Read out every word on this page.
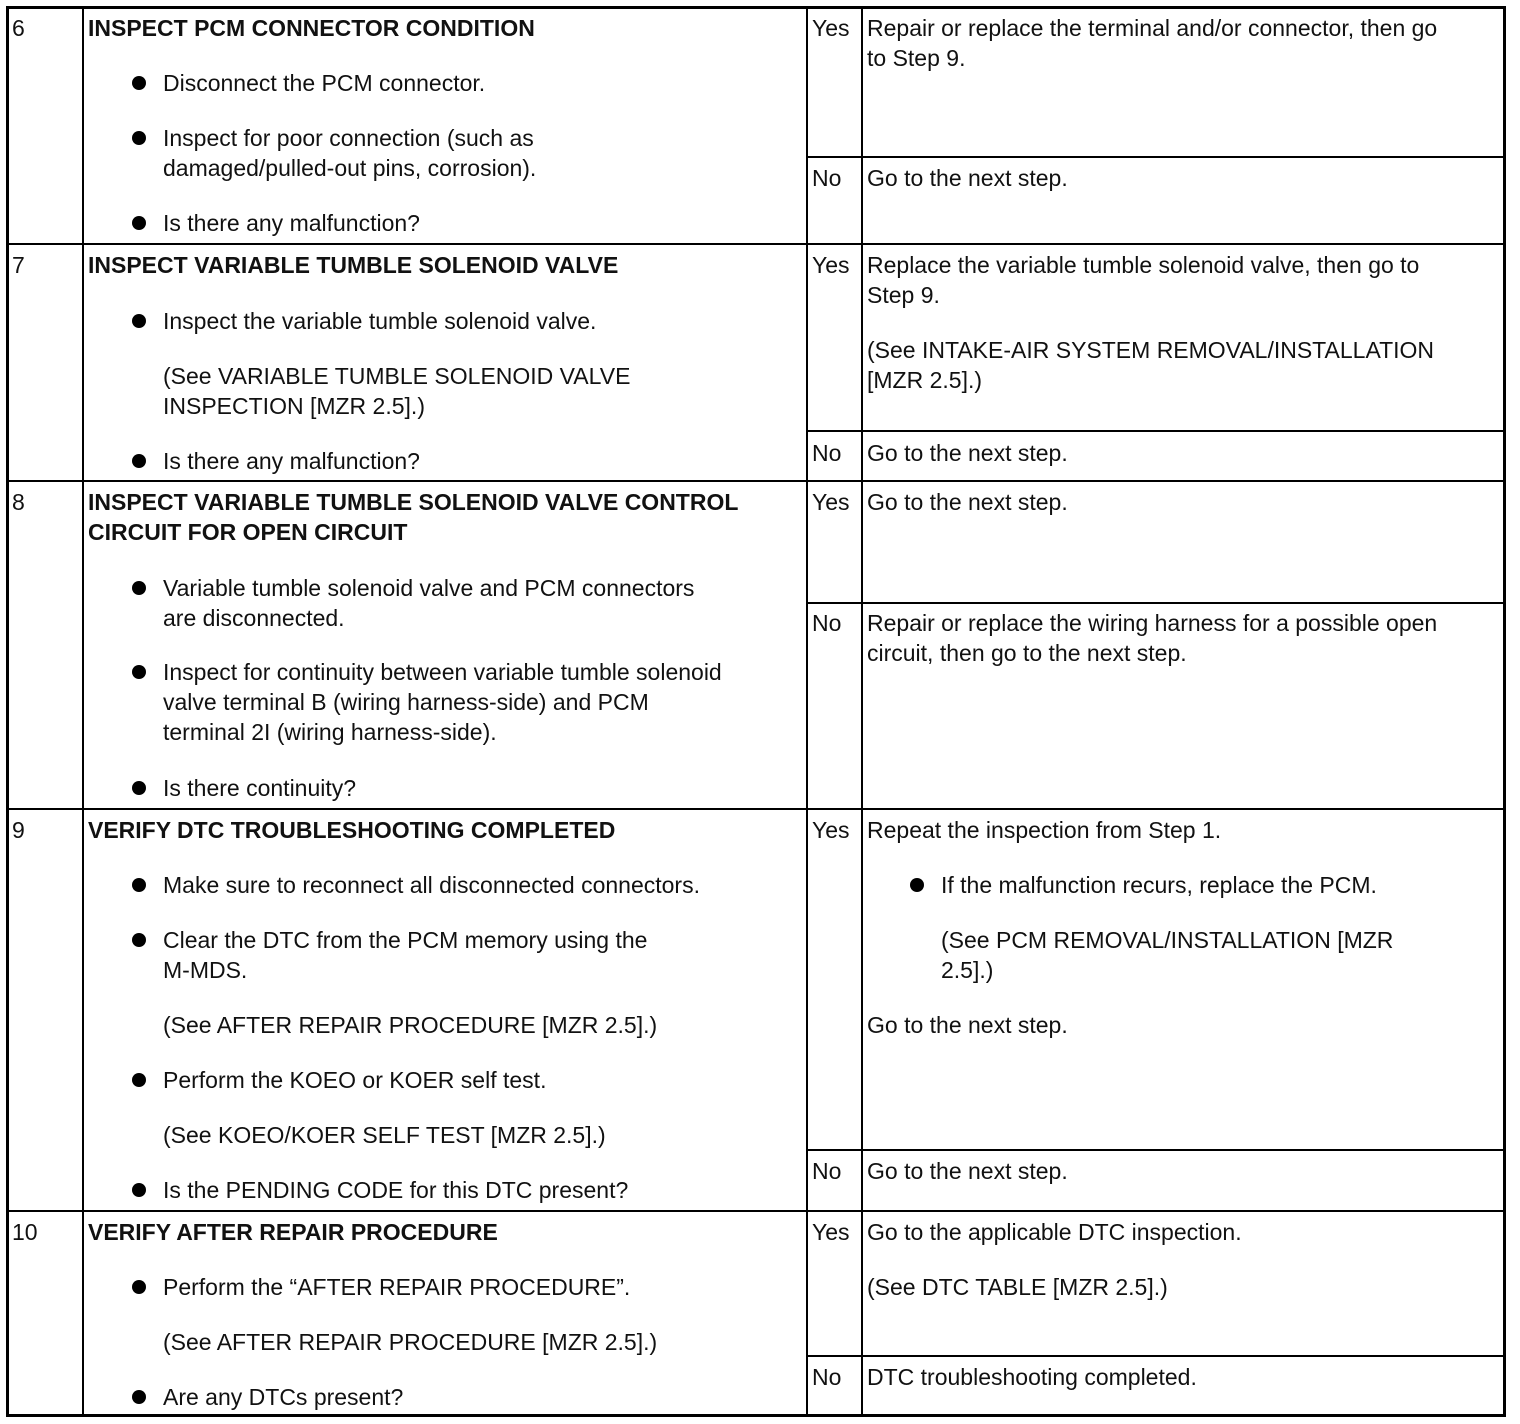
6	INSPECT PCM CONNECTOR CONDITION
Disconnect the PCM connector.
Inspect for poor connection (such as
damaged/pulled-out pins, corrosion).
Is there any malfunction?
Yes Repair or replace the terminal and/or connector, then go
to Step 9.
No Go to the next step.
7	INSPECT VARIABLE TUMBLE SOLENOID VALVE
Inspect the variable tumble solenoid valve.
(See VARIABLE TUMBLE SOLENOID VALVE
INSPECTION [MZR 2.5].)
Is there any malfunction?
Yes Replace the variable tumble solenoid valve, then go to
Step 9.
(See INTAKE-AIR SYSTEM REMOVAL/INSTALLATION
[MZR 2.5].)
No Go to the next step.
8	INSPECT VARIABLE TUMBLE SOLENOID VALVE CONTROL
CIRCUIT FOR OPEN CIRCUIT
Variable tumble solenoid valve and PCM connectors
are disconnected.
Inspect for continuity between variable tumble solenoid
valve terminal B (wiring harness-side) and PCM
terminal 2I (wiring harness-side).
Is there continuity?
Yes Go to the next step.
No Repair or replace the wiring harness for a possible open
circuit, then go to the next step.
9	VERIFY DTC TROUBLESHOOTING COMPLETED
Make sure to reconnect all disconnected connectors.
Clear the DTC from the PCM memory using the
M-MDS.
(See AFTER REPAIR PROCEDURE [MZR 2.5].)
Perform the KOEO or KOER self test.
(See KOEO/KOER SELF TEST [MZR 2.5].)
Is the PENDING CODE for this DTC present?
Yes Repeat the inspection from Step 1.
If the malfunction recurs, replace the PCM.
(See PCM REMOVAL/INSTALLATION [MZR
2.5].)
Go to the next step.
No Go to the next step.
10 VERIFY AFTER REPAIR PROCEDURE
Perform the “AFTER REPAIR PROCEDURE”.
(See AFTER REPAIR PROCEDURE [MZR 2.5].)
Are any DTCs present?
Yes Go to the applicable DTC inspection.
(See DTC TABLE [MZR 2.5].)
No DTC troubleshooting completed.
